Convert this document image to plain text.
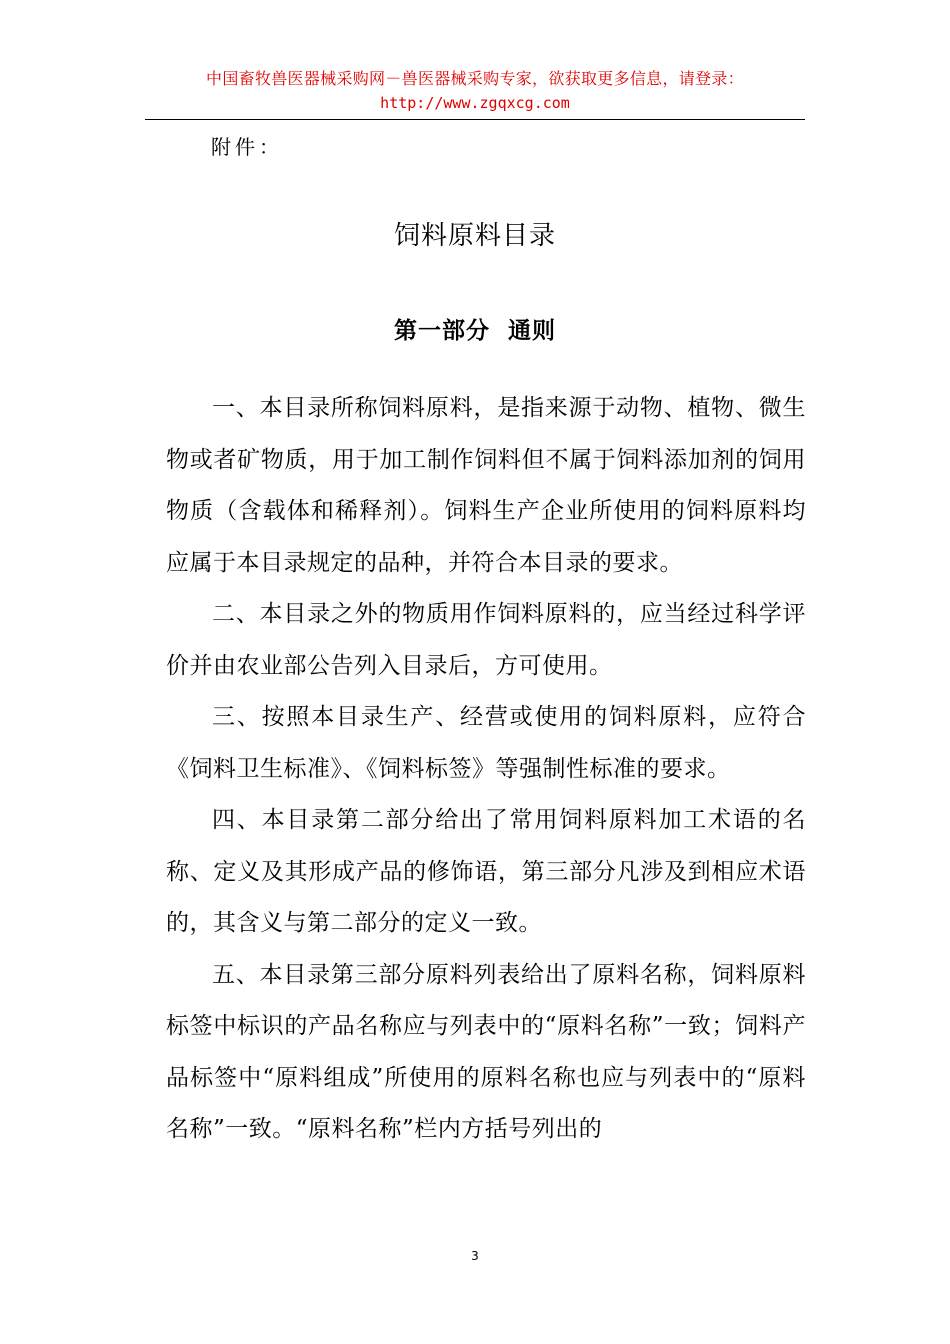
中国畜牧兽医器械采购网－兽医器械采购专家，欲获取更多信息，请登录：
http://www.zgqxcg.com
附件：
饲料原料目录
第一部分  通则

一、本目录所称饲料原料，是指来源于动物、植物、微生物或者矿物质，用于加工制作饲料但不属于饲料添加剂的饲用物质（含载体和稀释剂）。饲料生产企业所使用的饲料原料均应属于本目录规定的品种，并符合本目录的要求。

二、本目录之外的物质用作饲料原料的，应当经过科学评价并由农业部公告列入目录后，方可使用。

三、按照本目录生产、经营或使用的饲料原料，应符合《饲料卫生标准》、《饲料标签》等强制性标准的要求。

四、本目录第二部分给出了常用饲料原料加工术语的名称、定义及其形成产品的修饰语，第三部分凡涉及到相应术语的，其含义与第二部分的定义一致。

五、本目录第三部分原料列表给出了原料名称，饲料原料标签中标识的产品名称应与列表中的“原料名称”一致；饲料产品标签中“原料组成”所使用的原料名称也应与列表中的“原料名称”一致。“原料名称”栏内方括号列出的

3
